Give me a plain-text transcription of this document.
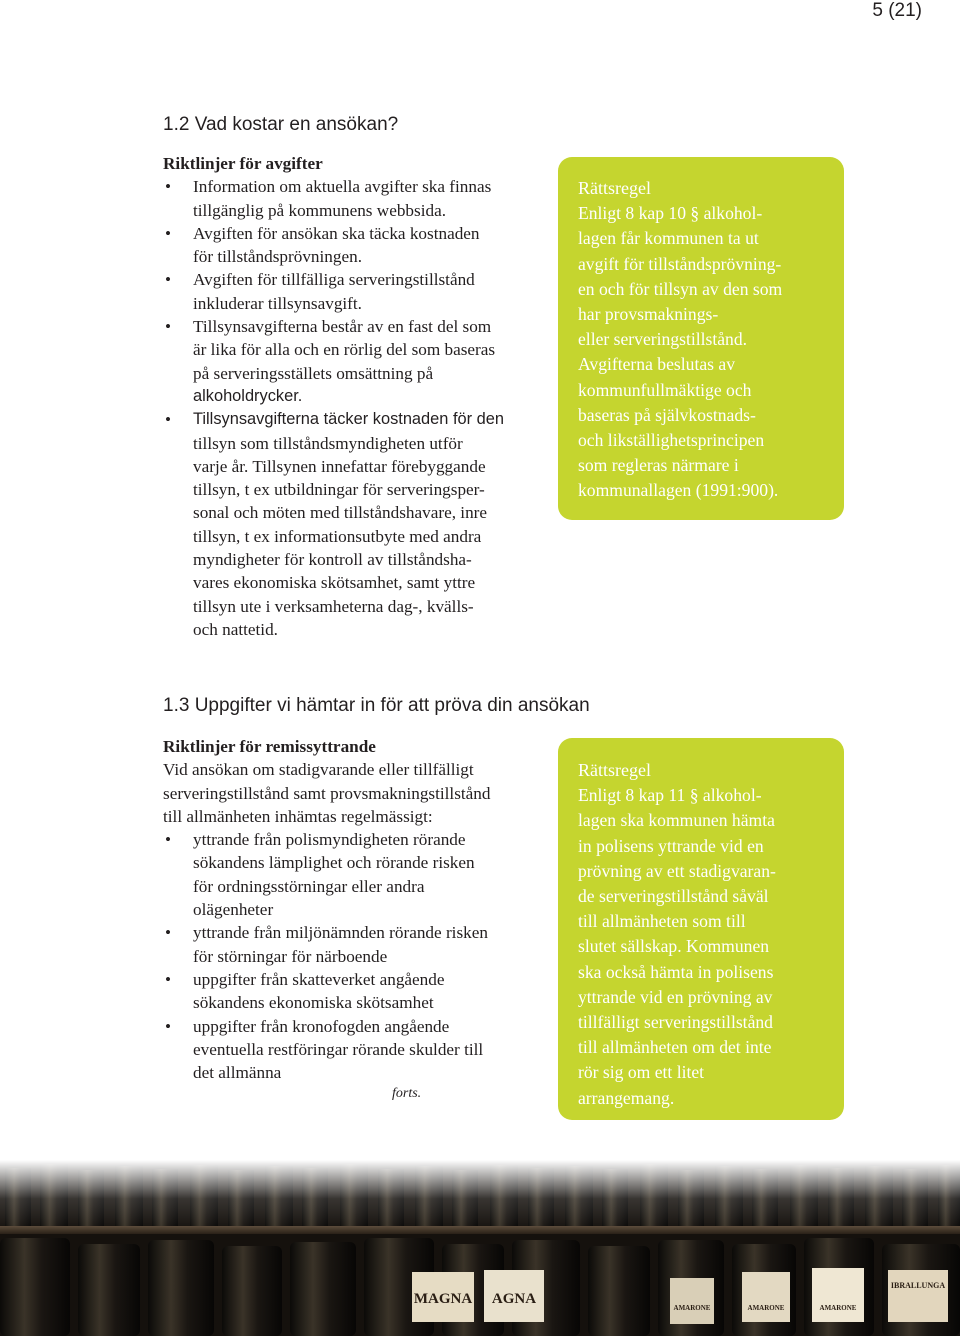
5 (21)
1.2 Vad kostar en ansökan?
Riktlinjer för avgifter
• Information om aktuella avgifter ska finnas
tillgänglig på kommunens webbsida.
• Avgiften för ansökan ska täcka kostnaden
för tillståndsprövningen.
• Avgiften för tillfälliga serveringstillstånd
inkluderar tillsynsavgift.
• Tillsynsavgifterna består av en fast del som
är lika för alla och en rörlig del som baseras
på serveringsställets omsättning på
alkoholdrycker.
• Tillsynsavgifterna täcker kostnaden för den
tillsyn som tillståndsmyndigheten utför
varje år. Tillsynen innefattar förebyggande
tillsyn, t ex utbildningar för serveringsper-
sonal och möten med tillståndshavare, inre
tillsyn, t ex informationsutbyte med andra
myndigheter för kontroll av tillståndsha-
vares ekonomiska skötsamhet, samt yttre
tillsyn ute i verksamheterna dag-, kvälls-
och nattetid.
Rättsregel
Enligt 8 kap 10 § alkohol-
lagen får kommunen ta ut
avgift för tillståndsprövning-
en och för tillsyn av den som
har provsmaknings-
eller serveringstillstånd.
Avgifterna beslutas av
kommunfullmäktige och
baseras på självkostnads-
och likställighetsprincipen
som regleras närmare i
kommunallagen (1991:900).
1.3 Uppgifter vi hämtar in för att pröva din ansökan
Riktlinjer för remissyttrande
Vid ansökan om stadigvarande eller tillfälligt
serveringstillstånd samt provsmakningstillstånd
till allmänheten inhämtas regelmässigt:
• yttrande från polismyndigheten rörande
sökandens lämplighet och rörande risken
för ordningsstörningar eller andra
olägenheter
• yttrande från miljönämnden rörande risken
för störningar för närboende
• uppgifter från skatteverket angående
sökandens ekonomiska skötsamhet
• uppgifter från kronofogden angående
eventuella restföringar rörande skulder till
det allmänna
forts.
Rättsregel
Enligt 8 kap 11 § alkohol-
lagen ska kommunen hämta
in polisens yttrande vid en
prövning av ett stadigvaran-
de serveringstillstånd såväl
till allmänheten som till
slutet sällskap. Kommunen
ska också hämta in polisens
yttrande vid en prövning av
tillfälligt serveringstillstånd
till allmänheten om det inte
rör sig om ett litet
arrangemang.
